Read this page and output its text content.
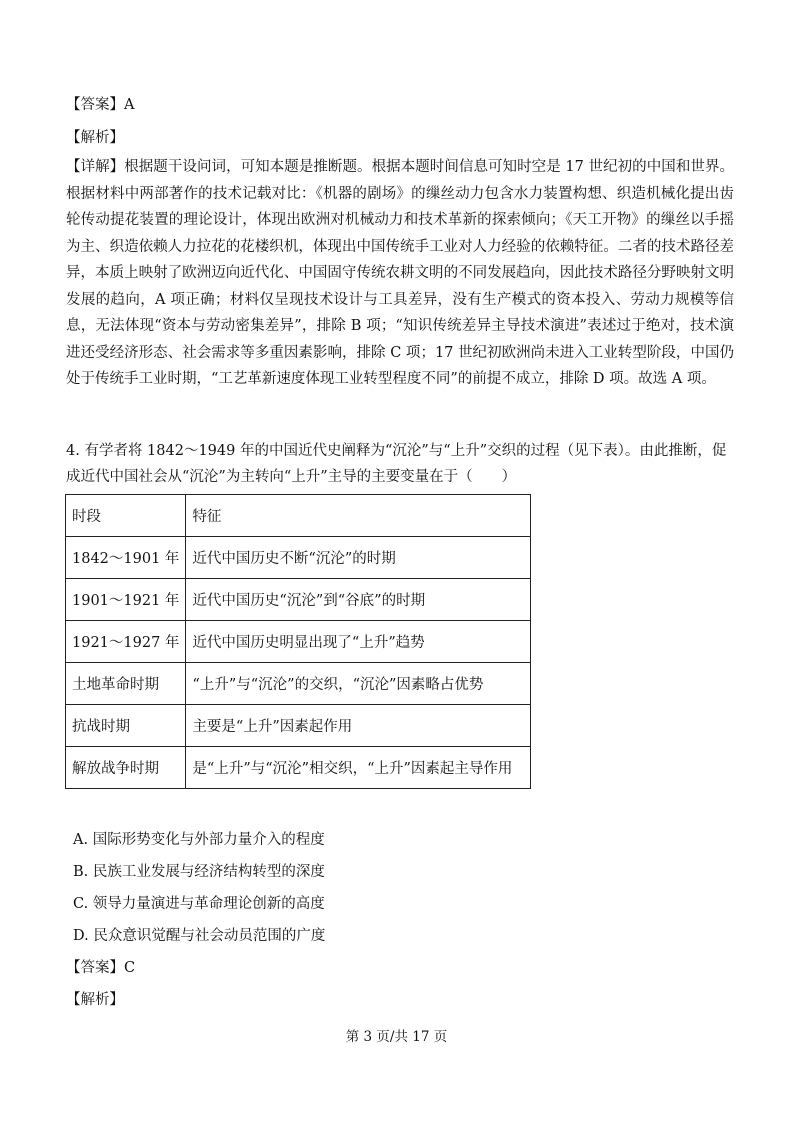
【答案】A
【解析】
【详解】根据题干设问词，可知本题是推断题。根据本题时间信息可知时空是 17 世纪初的中国和世界。根据材料中两部著作的技术记载对比：《机器的剧场》的缫丝动力包含水力装置构想、织造机械化提出齿轮传动提花装置的理论设计，体现出欧洲对机械动力和技术革新的探索倾向；《天工开物》的缫丝以手摇为主、织造依赖人力拉花的花楼织机，体现出中国传统手工业对人力经验的依赖特征。二者的技术路径差异，本质上映射了欧洲迈向近代化、中国固守传统农耕文明的不同发展趋向，因此技术路径分野映射文明发展的趋向，A 项正确；材料仅呈现技术设计与工具差异，没有生产模式的资本投入、劳动力规模等信息，无法体现“资本与劳动密集差异”，排除 B 项；“知识传统差异主导技术演进”表述过于绝对，技术演进还受经济形态、社会需求等多重因素影响，排除 C 项；17 世纪初欧洲尚未进入工业转型阶段，中国仍处于传统手工业时期，“工艺革新速度体现工业转型程度不同”的前提不成立，排除 D 项。故选 A 项。
4. 有学者将 1842～1949 年的中国近代史阐释为“沉沦”与“上升”交织的过程（见下表）。由此推断，促成近代中国社会从“沉沦”为主转向“上升”主导的主要变量在于（　　）
时段	特征
1842～1901 年	近代中国历史不断“沉沦”的时期
1901～1921 年	近代中国历史“沉沦”到“谷底”的时期
1921～1927 年	近代中国历史明显出现了“上升”趋势
土地革命时期	“上升”与“沉沦”的交织，“沉沦”因素略占优势
抗战时期	主要是“上升”因素起作用
解放战争时期	是“上升”与“沉沦”相交织，“上升”因素起主导作用
A. 国际形势变化与外部力量介入的程度
B. 民族工业发展与经济结构转型的深度
C. 领导力量演进与革命理论创新的高度
D. 民众意识觉醒与社会动员范围的广度
【答案】C
【解析】
第 3 页/共 17 页
